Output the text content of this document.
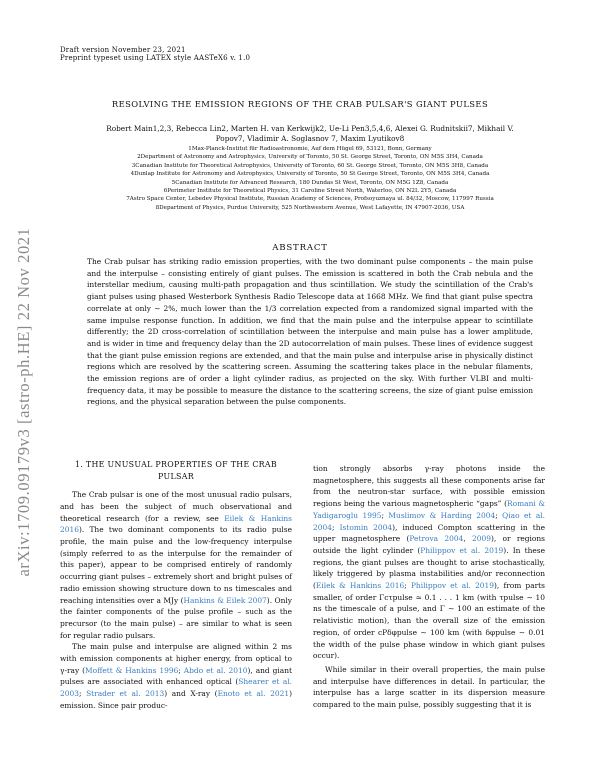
Draft version November 23, 2021
Preprint typeset using LATEX style AASTeX6 v. 1.0
RESOLVING THE EMISSION REGIONS OF THE CRAB PULSAR'S GIANT PULSES
Robert Main1,2,3, Rebecca Lin2, Marten H. van Kerkwijk2, Ue-Li Pen3,5,4,6, Alexei G. Rudnitskii7, Mikhail V.
Popov7, Vladimir A. Soglasnov 7, Maxim Lyutikov8
1Max-Planck-Institut für Radioastronomie, Auf dem Hügel 69, 53121, Bonn, Germany
2Department of Astronomy and Astrophysics, University of Toronto, 50 St. George Street, Toronto, ON M5S 3H4, Canada
3Canadian Institute for Theoretical Astrophysics, University of Toronto, 60 St. George Street, Toronto, ON M5S 3H8, Canada
4Dunlap Institute for Astronomy and Astrophysics, University of Toronto, 50 St George Street, Toronto, ON M5S 3H4, Canada
5Canadian Institute for Advanced Research, 180 Dundas St West, Toronto, ON M5G 1Z8, Canada
6Perimeter Institute for Theoretical Physics, 31 Caroline Street North, Waterloo, ON N2L 2Y5, Canada
7Astro Space Center, Lebedev Physical Institute, Russian Academy of Sciences, Profsoyuznaya ul. 84/32, Moscow, 117997 Russia
8Department of Physics, Purdue University, 525 Northwestern Avenue, West Lafayette, IN 47907-2036, USA
arXiv:1709.09179v3 [astro-ph.HE] 22 Nov 2021	ABSTRACT
The Crab pulsar has striking radio emission properties, with the two dominant pulse components – the main pulse and the interpulse – consisting entirely of giant pulses. The emission is scattered in both the Crab nebula and the interstellar medium, causing multi-path propagation and thus scintillation. We study the scintillation of the Crab's giant pulses using phased Westerbork Synthesis Radio Telescope data at 1668 MHz. We find that giant pulse spectra correlate at only ∼ 2%, much lower than the 1/3 correlation expected from a randomized signal imparted with the same impulse response function. In addition, we find that the main pulse and the interpulse appear to scintillate differently; the 2D cross-correlation of scintillation between the interpulse and main pulse has a lower amplitude, and is wider in time and frequency delay than the 2D autocorrelation of main pulses. These lines of evidence suggest that the giant pulse emission regions are extended, and that the main pulse and interpulse arise in physically distinct regions which are resolved by the scattering screen. Assuming the scattering takes place in the nebular filaments, the emission regions are of order a light cylinder radius, as projected on the sky. With further VLBI and multi-frequency data, it may be possible to measure the distance to the scattering screens, the size of giant pulse emission regions, and the physical separation between the pulse components.
1. THE UNUSUAL PROPERTIES OF THE CRAB
PULSAR

The Crab pulsar is one of the most unusual radio pulsars, and has been the subject of much observational and theoretical research (for a review, see Eilek & Hankins 2016). The two dominant components to its radio pulse profile, the main pulse and the low-frequency interpulse (simply referred to as the interpulse for the remainder of this paper), appear to be comprised entirely of randomly occurring giant pulses – extremely short and bright pulses of radio emission showing structure down to ns timescales and reaching intensities over a MJy (Hankins & Eilek 2007). Only the fainter components of the pulse profile – such as the precursor (to the main pulse) – are similar to what is seen for regular radio pulsars.

The main pulse and interpulse are aligned within 2 ms with emission components at higher energy, from optical to γ-ray (Moffett & Hankins 1996; Abdo et al. 2010), and giant pulses are associated with enhanced optical (Shearer et al. 2003; Strader et al. 2013) and X-ray (Enoto et al. 2021) emission. Since pair produc-

tion strongly absorbs γ-ray photons inside the magnetosphere, this suggests all these components arise far from the neutron-star surface, with possible emission regions being the various magnetospheric “gaps” (Romani & Yadigaroglu 1995; Muslimov & Harding 2004; Qiao et al. 2004; Istomin 2004), induced Compton scattering in the upper magnetosphere (Petrova 2004, 2009), or regions outside the light cylinder (Philippov et al. 2019). In these regions, the giant pulses are thought to arise stochastically, likely triggered by plasma instabilities and/or reconnection (Eilek & Hankins 2016; Philippov et al. 2019), from parts smaller, of order Γcτpulse ≃ 0.1 . . . 1 km (with τpulse ∼ 10 ns the timescale of a pulse, and Γ ∼ 100 an estimate of the relativistic motion), than the overall size of the emission region, of order cPδφpulse ∼ 100 km (with δφpulse ∼ 0.01 the width of the pulse phase window in which giant pulses occur).

While similar in their overall properties, the main pulse and interpulse have differences in detail. In particular, the interpulse has a large scatter in its dispersion measure compared to the main pulse, possibly suggesting that it is
